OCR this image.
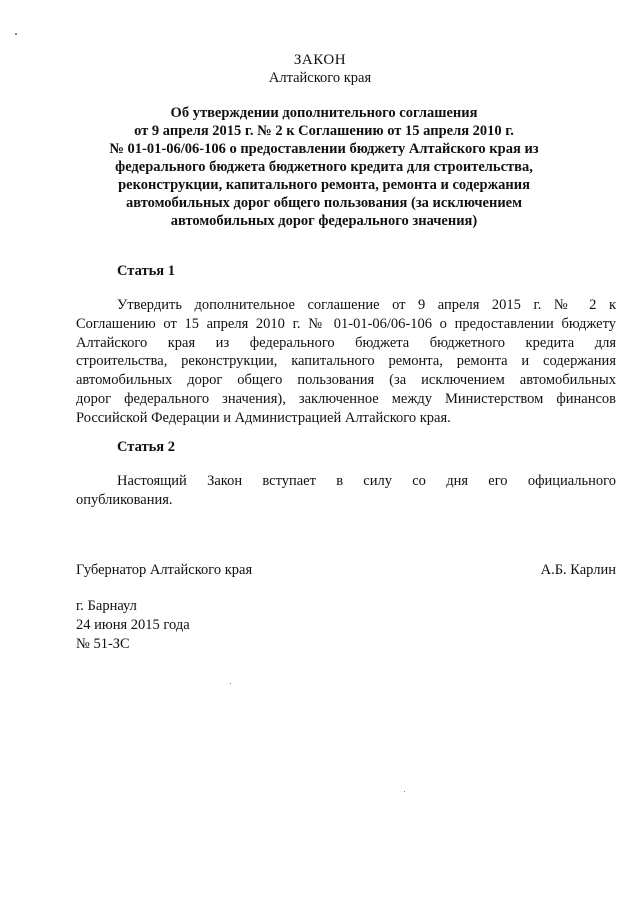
ЗАКОН
Алтайского края
Об утверждении дополнительного соглашения
от 9 апреля 2015 г. № 2 к Соглашению от 15 апреля 2010 г.
№ 01-01-06/06-106 о предоставлении бюджету Алтайского края из
федерального бюджета бюджетного кредита для строительства,
реконструкции, капитального ремонта, ремонта и содержания
автомобильных дорог общего пользования (за исключением
автомобильных дорог федерального значения)
Статья 1
Утвердить дополнительное соглашение от 9 апреля 2015 г. № 2 к
Соглашению от 15 апреля 2010 г. № 01-01-06/06-106 о предоставлении бюджету
Алтайского края из федерального бюджета бюджетного кредита для
строительства, реконструкции, капитального ремонта, ремонта и содержания
автомобильных дорог общего пользования (за исключением автомобильных
дорог федерального значения), заключенное между Министерством финансов
Российской Федерации и Администрацией Алтайского края.
Статья 2
Настоящий Закон вступает в силу со дня его официального
опубликования.
Губернатор Алтайского края	А.Б. Карлин
г. Барнаул
24 июня 2015 года
№ 51-ЗС
